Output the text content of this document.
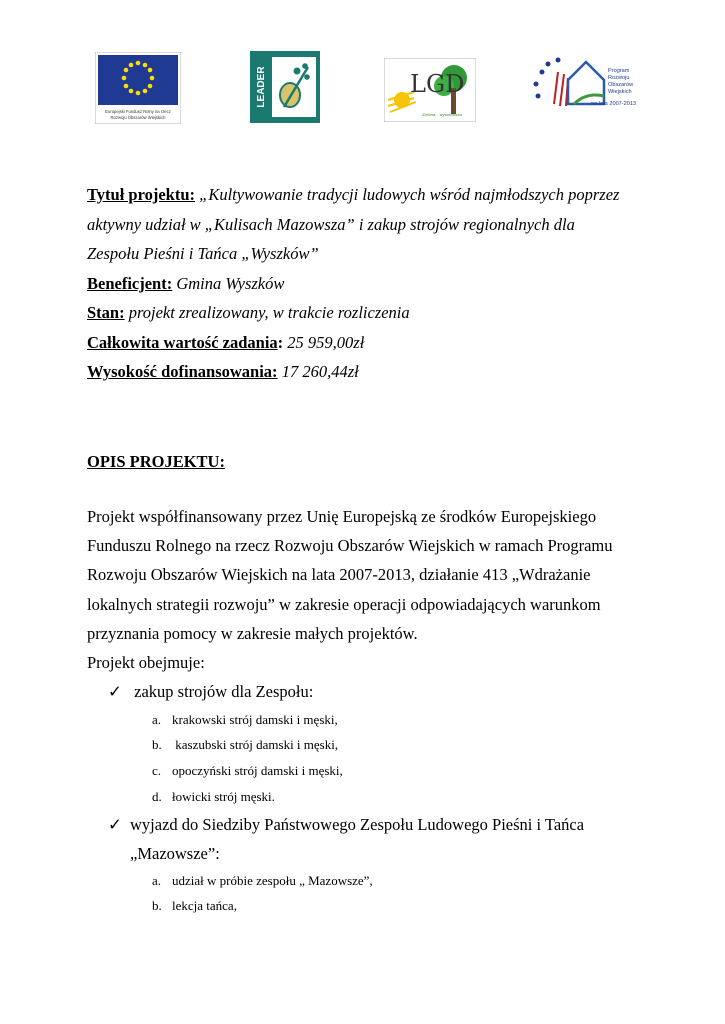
Europejski Fundusz Rolny na rzecz
Rozwoju Obszarów Wiejskich
LEADER	LGD
Zielona... wyszkowska
Program
Rozwoju
Obszarów
Wiejskich
na lata 2007-2013
Tytuł projektu: „Kultywowanie tradycji ludowych wśród najmłodszych poprzez
aktywny udział w „Kulisach Mazowsza” i zakup strojów regionalnych dla
Zespołu Pieśni i Tańca „Wyszków”
Beneficjent: Gmina Wyszków
Stan: projekt zrealizowany, w trakcie rozliczenia
Całkowita wartość zadania: 25 959,00zł
Wysokość dofinansowania: 17 260,44zł
OPIS PROJEKTU:
Projekt współfinansowany przez Unię Europejską ze środków Europejskiego
Funduszu Rolnego na rzecz Rozwoju Obszarów Wiejskich w ramach Programu
Rozwoju Obszarów Wiejskich na lata 2007-2013, działanie 413 „Wdrażanie
lokalnych strategii rozwoju” w zakresie operacji odpowiadających warunkom
przyznania pomocy w zakresie małych projektów.
Projekt obejmuje:
✓ zakup strojów dla Zespołu:
a. krakowski strój damski i męski,
b. kaszubski strój damski i męski,
c. opoczyński strój damski i męski,
d. łowicki strój męski.
✓ wyjazd do Siedziby Państwowego Zespołu Ludowego Pieśni i Tańca
„Mazowsze”:
a. udział w próbie zespołu „ Mazowsze”,
b. lekcja tańca,
